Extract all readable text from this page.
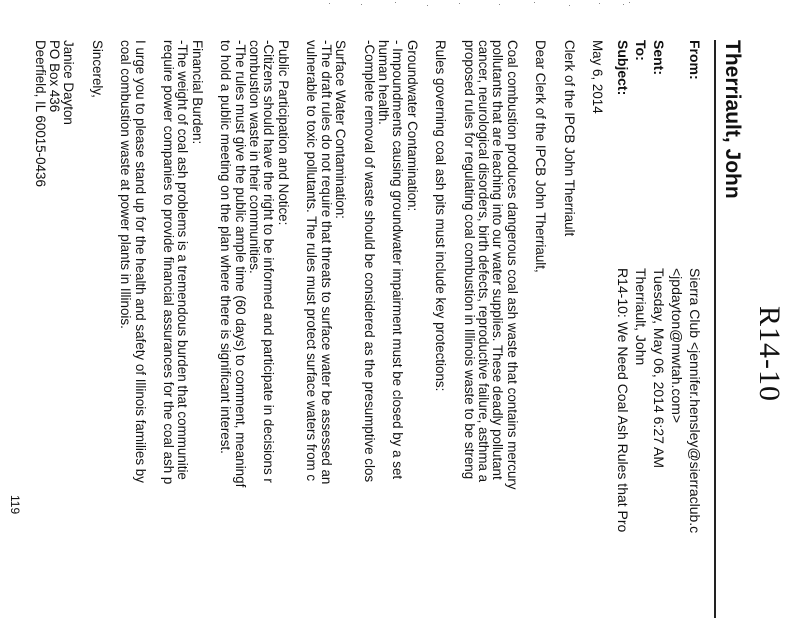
R14-10
Therriault, John
From:
Sierra Club <jennifer.hensley@sierraclub.c
<jpdayton@mwtah.com>
Sent:
Tuesday, May 06, 2014 6:27 AM
To:
Therriault, John
Subject:
R14-10: We Need Coal Ash Rules that Pro
May 6, 2014
Clerk of the IPCB John Therriault
Dear Clerk of the IPCB John Therriault,
Coal combustion produces dangerous coal ash waste that contains mercury
pollutants that are leaching into our water supplies. These deadly pollutant
cancer, neurological disorders, birth defects, reproductive failure, asthma a
proposed rules for regulating coal combustion in Illinois waste to be streng
Rules governing coal ash pits must include key protections:
Groundwater Contamination:
- Impoundments causing groundwater impairment must be closed by a set
human health.
-Complete removal of waste should be considered as the presumptive clos
Surface Water Contamination:
-The draft rules do not require that threats to surface water be assessed an
vulnerable to toxic pollutants. The rules must protect surface waters from c
Public Participation and Notice:
-Citizens should have the right to be informed and participate in decisions r
combustion waste in their communities.
-The rules must give the public ample time (60 days) to comment, meaningf
to hold a public meeting on the plan where there is significant interest.
Financial Burden:
-The weight of coal ash problems is a tremendous burden that communitie
require power companies to provide financial assurances for the coal ash p
I urge you to please stand up for the health and safety of Illinois families by
coal combustion waste at power plants in Illinois.
Sincerely,
Janice Dayton
PO Box 436
Deerfield, IL 60015-0436
119
